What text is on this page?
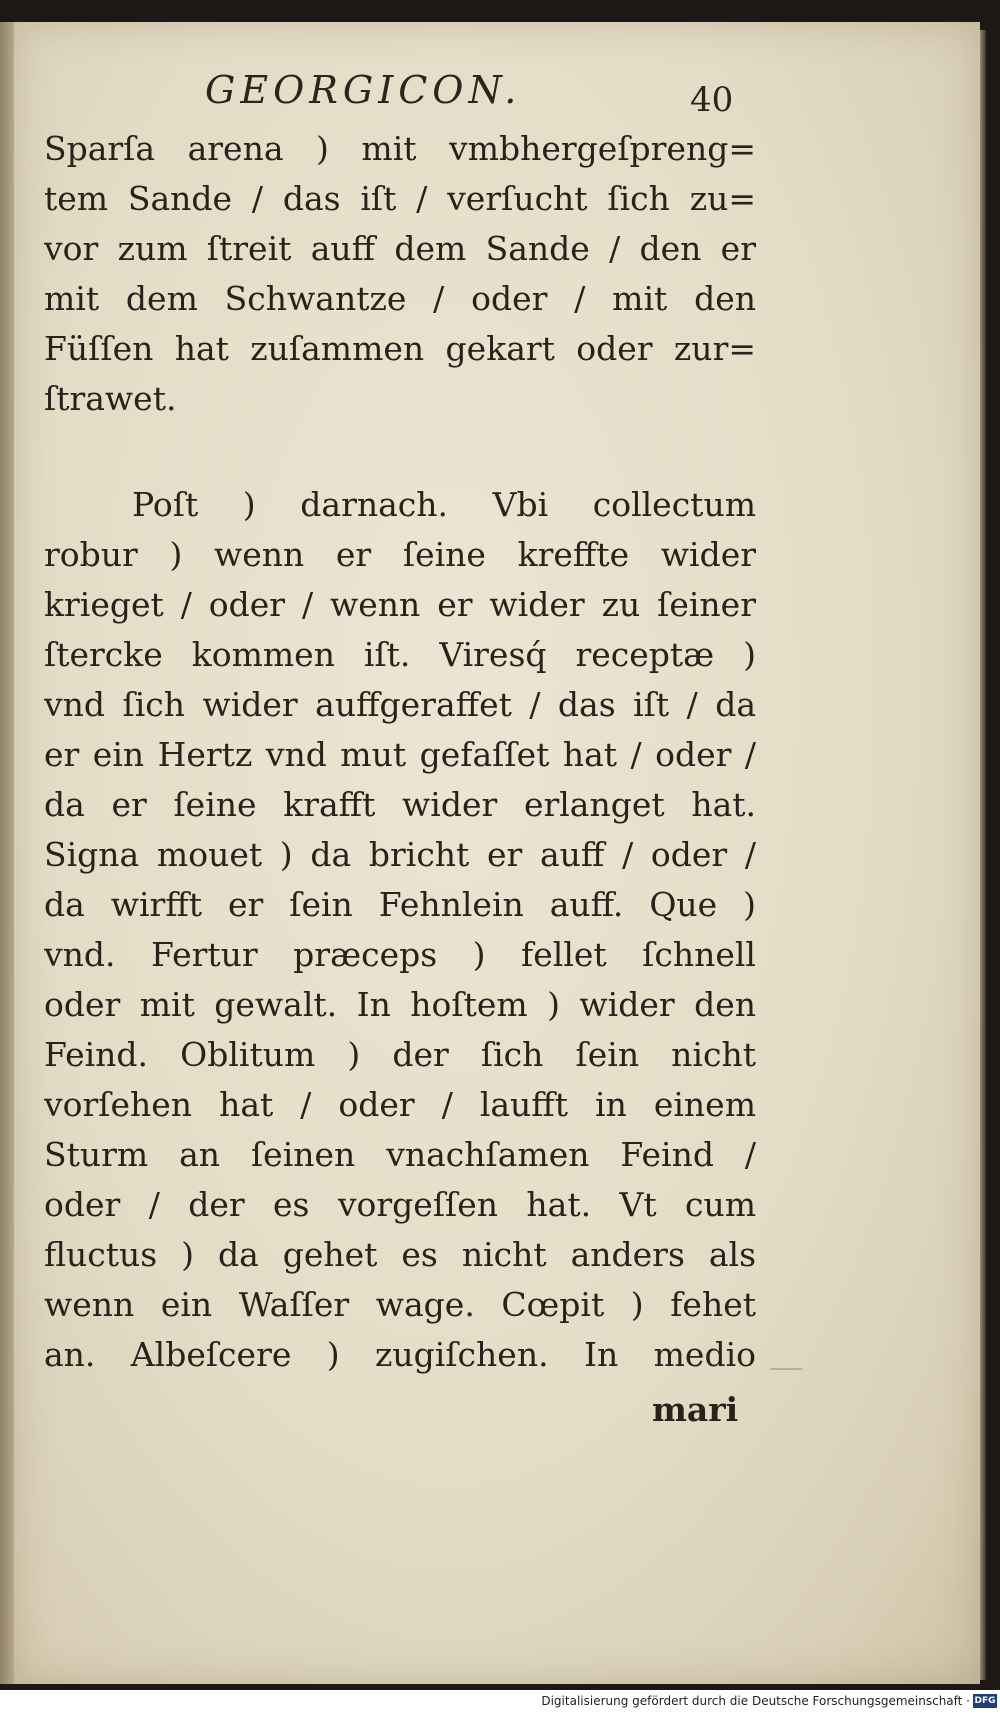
GEORGICON.	40
Sparſa arena ) mit vmbhergeſpreng=
tem Sande / das iſt / verſucht ſich zu=
vor zum ſtreit auff dem Sande / den er
mit dem Schwantze / oder / mit den
Füſſen hat zuſammen gekart oder zur=
ſtrawet.
Poſt ) darnach. Vbi collectum
robur ) wenn er ſeine kreffte wider
krieget / oder / wenn er wider zu ſeiner
ſtercke kommen iſt. Viresq́ receptæ )
vnd ſich wider auffgeraffet / das iſt / da
er ein Hertz vnd mut gefaſſet hat / oder /
da er ſeine krafft wider erlanget hat.
Signa mouet ) da bricht er auff / oder /
da wirfft er ſein Fehnlein auff. Que )
vnd. Fertur præceps ) fellet ſchnell
oder mit gewalt. In hoſtem ) wider den
Feind. Oblitum ) der ſich ſein nicht
vorſehen hat / oder / laufft in einem
Sturm an ſeinen vnachſamen Feind /
oder / der es vorgeſſen hat. Vt cum
fluctus ) da gehet es nicht anders als
wenn ein Waſſer wage. Cœpit ) fehet
an. Albeſcere ) zugiſchen. In medio
mari
Digitalisierung gefördert durch die Deutsche Forschungsgemeinschaft · DFG
